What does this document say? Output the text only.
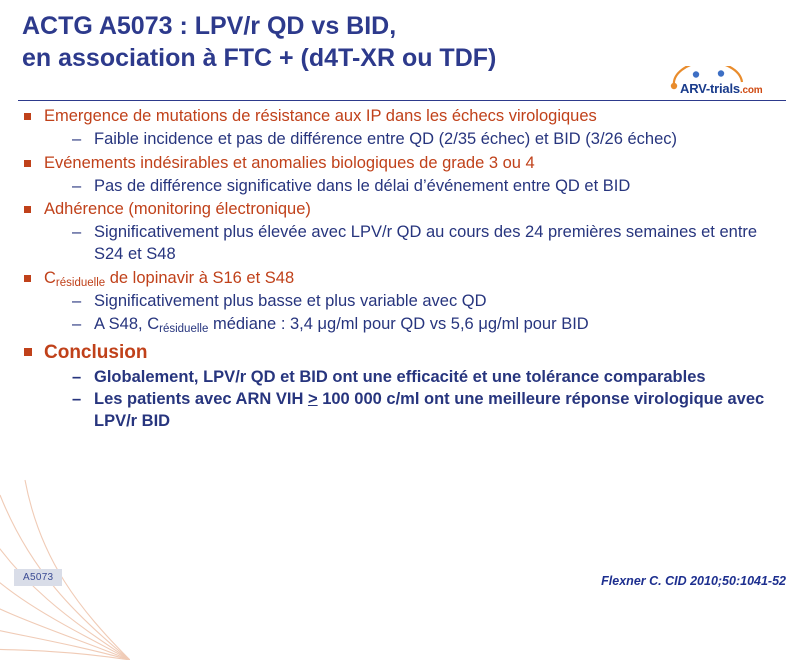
ACTG A5073 : LPV/r QD vs BID,
en association à FTC + (d4T-XR ou TDF)
ARV-trials.com
Emergence de mutations de résistance aux IP dans les échecs virologiques
– Faible incidence et pas de différence entre QD (2/35 échec) et BID (3/26 échec)
Evénements indésirables et anomalies biologiques de grade 3 ou 4
– Pas de différence significative dans le délai d’événement entre QD et BID
Adhérence (monitoring électronique)
– Significativement plus élevée avec LPV/r QD au cours des 24 premières semaines et entre S24 et S48
$C_{résiduelle}$ de lopinavir à S16 et S48
– Significativement plus basse et plus variable avec QD
– A S48, $C_{résiduelle}$ médiane : 3,4 μg/ml pour QD vs 5,6 μg/ml pour BID
Conclusion
– Globalement, LPV/r QD et BID ont une efficacité et une tolérance comparables
– Les patients avec ARN VIH > 100 000 c/ml ont une meilleure réponse virologique avec LPV/r BID
A5073	Flexner C. CID 2010;50:1041-52
